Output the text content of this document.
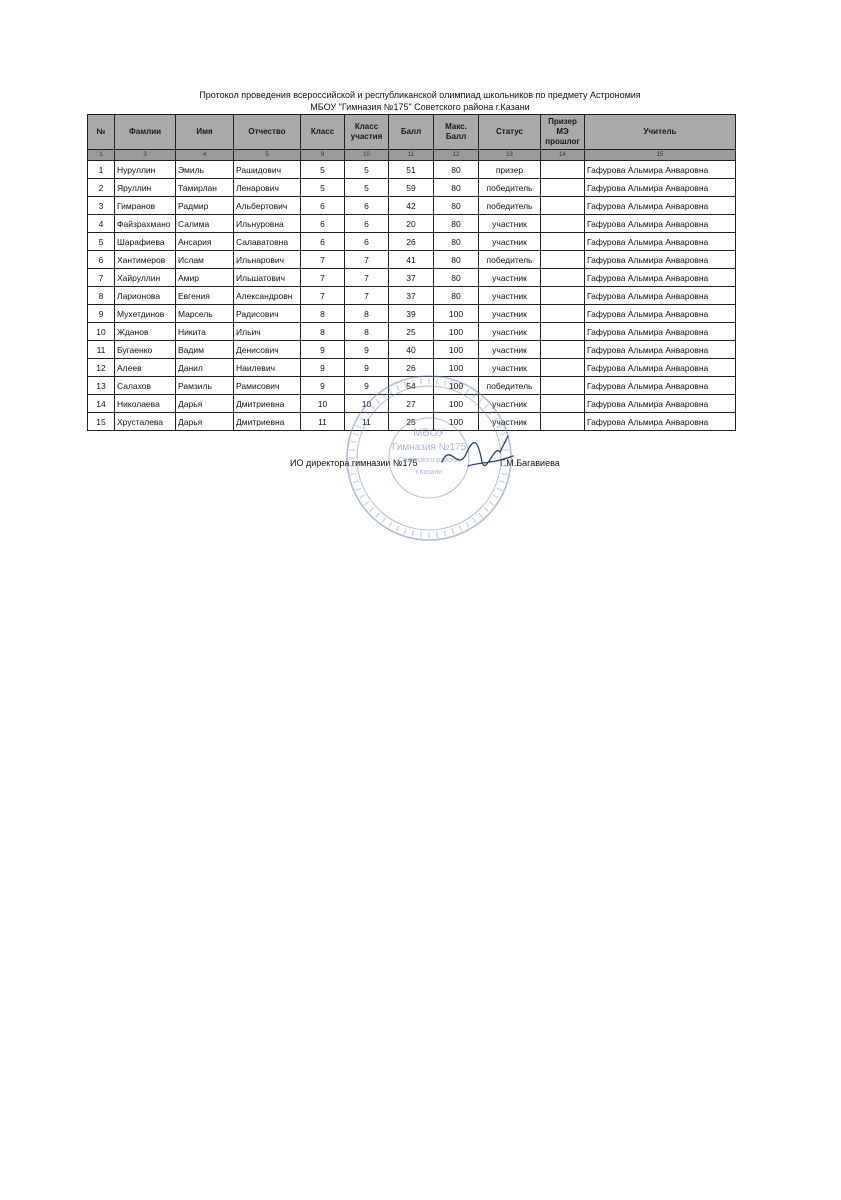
Протокол проведения всероссийской и республиканской олимпиад школьников по предмету Астрономия
МБОУ "Гимназия №175" Советского района г.Казани
№	Фамлии	Имя	Отчество	Класс	Класс участия	Балл	Макс. Балл	Статус	Призер МЭ прошлог	Учитель
1	3	4	5	9	10	11	12	13	14	15
1	Нуруллин	Эмиль	Рашидович	5	5	51	80	призер		Гафурова Альмира Анваровна
2	Яруллин	Тамирлан	Ленарович	5	5	59	80	победитель		Гафурова Альмира Анваровна
3	Гимранов	Радмир	Альбертович	6	6	42	80	победитель		Гафурова Альмира Анваровна
4	Файзрахмано	Салима	Ильнуровна	6	6	20	80	участник		Гафурова Альмира Анваровна
5	Шарафиева	Ансария	Салаватовна	6	6	26	80	участник		Гафурова Альмира Анваровна
6	Хантимеров	Ислам	Ильнарович	7	7	41	80	победитель		Гафурова Альмира Анваровна
7	Хайруллин	Амир	Ильшатович	7	7	37	80	участник		Гафурова Альмира Анваровна
8	Ларионова	Евгения	Александровн	7	7	37	80	участник		Гафурова Альмира Анваровна
9	Мухетдинов	Марсель	Радисович	8	8	39	100	участник		Гафурова Альмира Анваровна
10	Жданов	Никита	Ильич	8	8	25	100	участник		Гафурова Альмира Анваровна
11	Бугаенко	Вадим	Денисович	9	9	40	100	участник		Гафурова Альмира Анваровна
12	Алеев	Данил	Наилевич	9	9	26	100	участник		Гафурова Альмира Анваровна
13	Салахов	Рамзиль	Рамисович	9	9	54	100	победитель		Гафурова Альмира Анваровна
14	Николаева	Дарья	Дмитриевна	10	10	27	100	участник		Гафурова Альмира Анваровна
15	Хрусталева	Дарья	Дмитриевна	11	11	25	100	участник		Гафурова Альмира Анваровна
ИО директора гимназии №175	Г.М.Багавиева
МБОУ
Гимназия №175
Советского района
г.Казани
